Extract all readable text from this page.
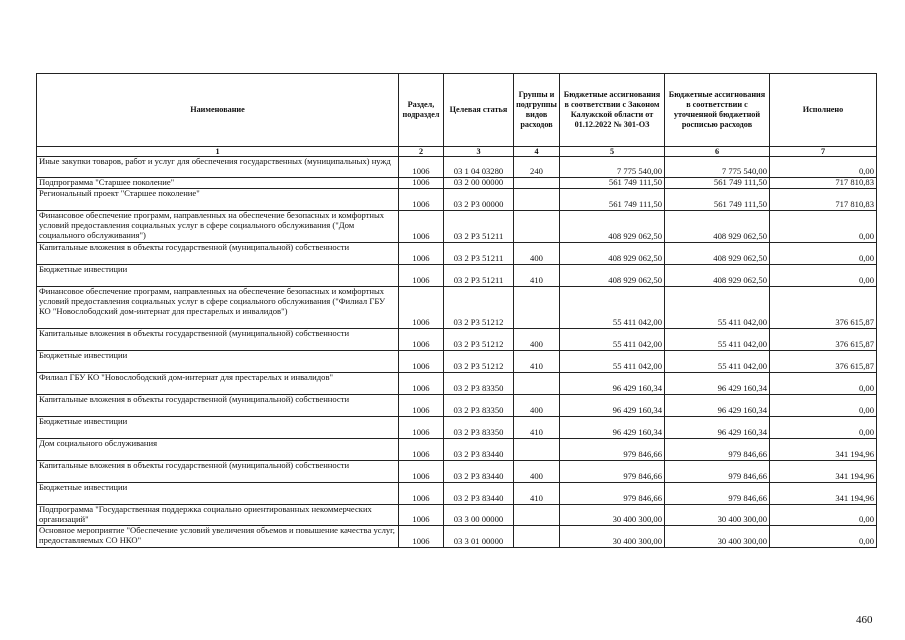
Наименование	Раздел, подраздел	Целевая статья	Группы и подгруппы видов расходов	Бюджетные ассигнования в соответствии с Законом Калужской области от 01.12.2022 № 301-ОЗ	Бюджетные ассигнования в соответствии с уточненной бюджетной росписью расходов	Исполнено
1	2	3	4	5	6	7
Иные закупки товаров, работ и услуг для обеспечения государственных (муниципальных) нужд	1006	03 1 04 03280	240	7 775 540,00	7 775 540,00	0,00
Подпрограмма "Старшее поколение"	1006	03 2 00 00000		561 749 111,50	561 749 111,50	717 810,83
Региональный проект "Старшее поколение"	1006	03 2 P3 00000		561 749 111,50	561 749 111,50	717 810,83
Финансовое обеспечение программ, направленных на обеспечение безопасных и комфортных условий предоставления социальных услуг в сфере социального обслуживания ("Дом социального обслуживания")	1006	03 2 P3 51211		408 929 062,50	408 929 062,50	0,00
Капитальные вложения в объекты государственной (муниципальной) собственности	1006	03 2 P3 51211	400	408 929 062,50	408 929 062,50	0,00
Бюджетные инвестиции	1006	03 2 P3 51211	410	408 929 062,50	408 929 062,50	0,00
Финансовое обеспечение программ, направленных на обеспечение безопасных и комфортных условий предоставления социальных услуг в сфере социального обслуживания ("Филиал ГБУ КО "Новослободский дом-интернат для престарелых и инвалидов")	1006	03 2 P3 51212		55 411 042,00	55 411 042,00	376 615,87
Капитальные вложения в объекты государственной (муниципальной) собственности	1006	03 2 P3 51212	400	55 411 042,00	55 411 042,00	376 615,87
Бюджетные инвестиции	1006	03 2 P3 51212	410	55 411 042,00	55 411 042,00	376 615,87
Филиал ГБУ КО "Новослободский дом-интернат для престарелых и инвалидов"	1006	03 2 P3 83350		96 429 160,34	96 429 160,34	0,00
Капитальные вложения в объекты государственной (муниципальной) собственности	1006	03 2 P3 83350	400	96 429 160,34	96 429 160,34	0,00
Бюджетные инвестиции	1006	03 2 P3 83350	410	96 429 160,34	96 429 160,34	0,00
Дом социального обслуживания	1006	03 2 P3 83440		979 846,66	979 846,66	341 194,96
Капитальные вложения в объекты государственной (муниципальной) собственности	1006	03 2 P3 83440	400	979 846,66	979 846,66	341 194,96
Бюджетные инвестиции	1006	03 2 P3 83440	410	979 846,66	979 846,66	341 194,96
Подпрограмма "Государственная поддержка социально ориентированных некоммерческих организаций"	1006	03 3 00 00000		30 400 300,00	30 400 300,00	0,00
Основное мероприятие "Обеспечение условий увеличения объемов и повышение качества услуг, предоставляемых СО НКО"	1006	03 3 01 00000		30 400 300,00	30 400 300,00	0,00
460
